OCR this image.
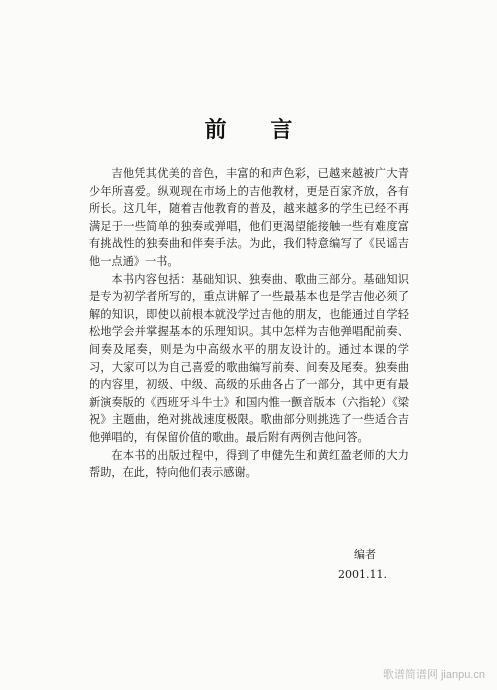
前 言

吉他凭其优美的音色，丰富的和声色彩，已越来越被广大青少年所喜爱。纵观现在市场上的吉他教材，更是百家齐放，各有所长。这几年，随着吉他教育的普及，越来越多的学生已经不再满足于一些简单的独奏或弹唱，他们更渴望能接触一些有难度富有挑战性的独奏曲和伴奏手法。为此，我们特意编写了《民谣吉他一点通》一书。

本书内容包括：基础知识、独奏曲、歌曲三部分。基础知识是专为初学者所写的，重点讲解了一些最基本也是学吉他必须了解的知识，即使以前根本就没学过吉他的朋友，也能通过自学轻松地学会并掌握基本的乐理知识。其中怎样为吉他弹唱配前奏、间奏及尾奏，则是为中高级水平的朋友设计的。通过本课的学习，大家可以为自己喜爱的歌曲编写前奏、间奏及尾奏。独奏曲的内容里，初级、中级、高级的乐曲各占了一部分，其中更有最新演奏版的《西班牙斗牛士》和国内惟一颤音版本（六指轮）《梁祝》主题曲，绝对挑战速度极限。歌曲部分则挑选了一些适合吉他弹唱的，有保留价值的歌曲。最后附有两例吉他问答。

在本书的出版过程中，得到了申健先生和黄红盈老师的大力帮助，在此，特向他们表示感谢。

编者
2001.11.
歌谱简谱网 jianpu.cn
